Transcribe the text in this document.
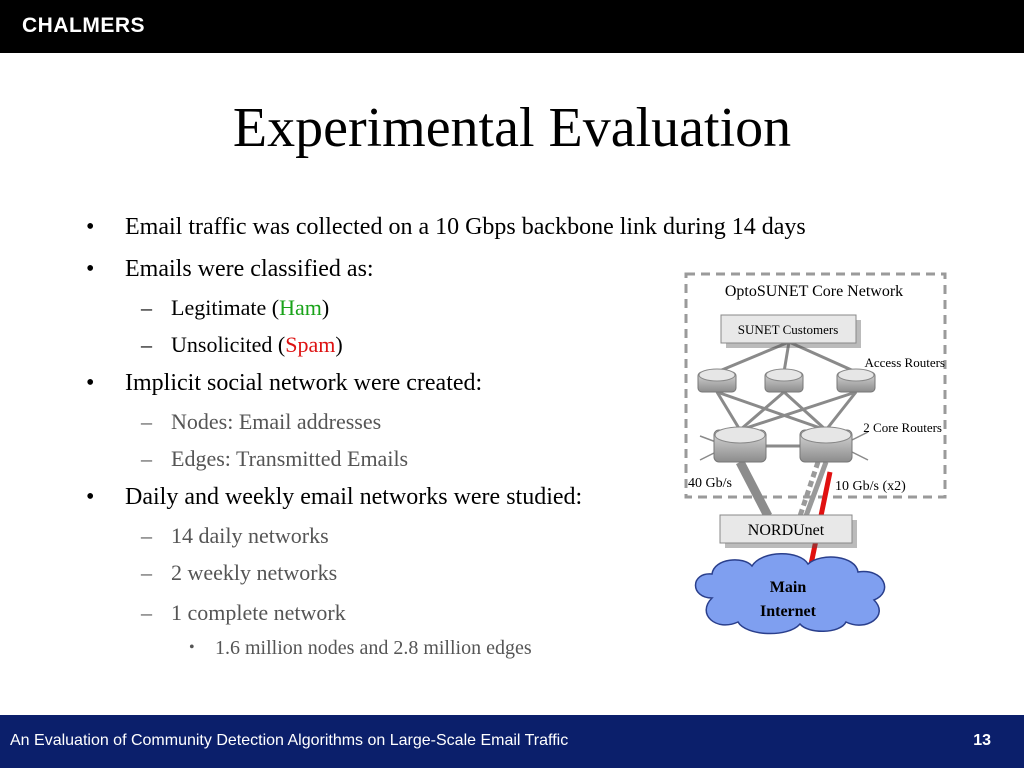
CHALMERS
Experimental Evaluation
• Email traffic was collected on a 10 Gbps backbone link during 14 days
• Emails were classified as:
– Legitimate (Ham)
– Unsolicited (Spam)
• Implicit social network were created:
– Nodes: Email addresses
– Edges: Transmitted Emails
• Daily and weekly email networks were studied:
– 14 daily networks
– 2 weekly networks
– 1 complete network
• 1.6 million nodes and 2.8 million edges
OptoSUNET Core Network
SUNET Customers
Access Routers
2 Core Routers
40 Gb/s	10 Gb/s (x2)
NORDUnet
Main
Internet
An Evaluation of Community Detection Algorithms on Large-Scale Email Traffic	13
